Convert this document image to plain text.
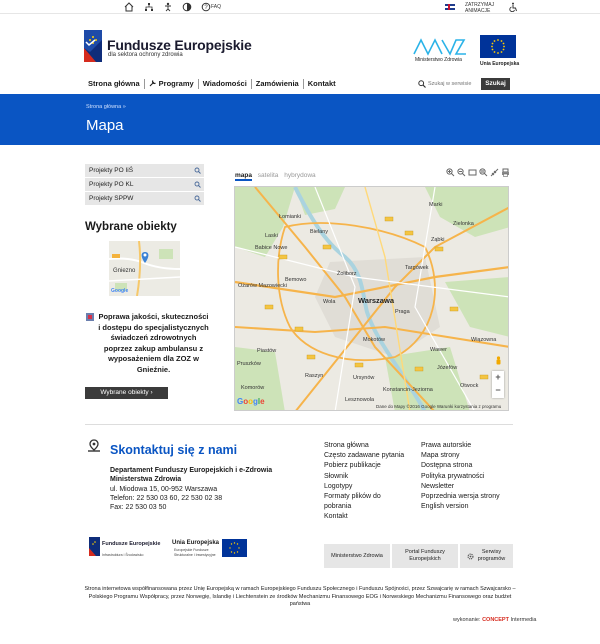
? FAQ	ZATRZYMAJ ANIMACJE
Fundusze Europejskie
dla sektora ochrony zdrowia
Ministerstwo Zdrowia
Unia Europejska
Strona główna	Programy	Wiadomości	Zamówienia	Kontakt
Szukaj w serwisie	Szukaj
Strona główna »
Mapa
Projekty PO IiŚ
Projekty PO KL
Projekty SPPW
Wybrane obiekty
Gniezno
Google
Poprawa jakości, skuteczności i dostępu do specjalistycznych świadczeń zdrowotnych poprzez zakup ambulansu z wyposażeniem dla ZOZ w Gnieźnie.
Wybrane obiekty ›
mapa satelita hybrydowa
Warszawa
Łomianki
Marki
Zielonka
Ząbki
Babice Nowe
Ożarów Mazowiecki
Piastów
Pruszków
Raszyn
Lesznowola
Konstancin-Jeziorna
Józefów
Otwock
Wiązowna
Laski
Bielany
Wawer
Ursynów
Mokotów
Wola
Bemowo
Żoliborz
Targówek
Praga
Komorów
Google
Dane do Mapy ©2016 Google Warunki korzystania z programu
+
−
Skontaktuj się z nami
Departament Funduszy Europejskich i e-Zdrowia Ministerstwa Zdrowia
ul. Miodowa 15, 00-952 Warszawa
Telefon: 22 530 03 60, 22 530 02 38
Fax: 22 530 03 50
Strona główna
Często zadawane pytania
Pobierz publikacje
Słownik
Logotypy
Formaty plików do pobrania
Kontakt
Prawa autorskie
Mapa strony
Dostępna strona
Polityka prywatności
Newsletter
Poprzednia wersja strony
English version
Fundusze Europejskie
Infrastruktura i Środowisko
Unia Europejska
Europejskie Fundusze Strukturalne i Inwestycyjne	Ministerstwo Zdrowia
Portal Funduszy Europejskich
Serwisy programów
Strona internetowa współfinansowana przez Unię Europejską w ramach Europejskiego Funduszu Społecznego i Funduszu Spójności, przez Szwajcarię w ramach Szwajcarsko – Polskiego Programu Współpracy, przez Norwegię, Islandię i Liechtenstein ze środków Mechanizmu Finansowego EOG i Norweskiego Mechanizmu Finansowego oraz budżet państwa
wykonanie: CONCEPT Intermedia
